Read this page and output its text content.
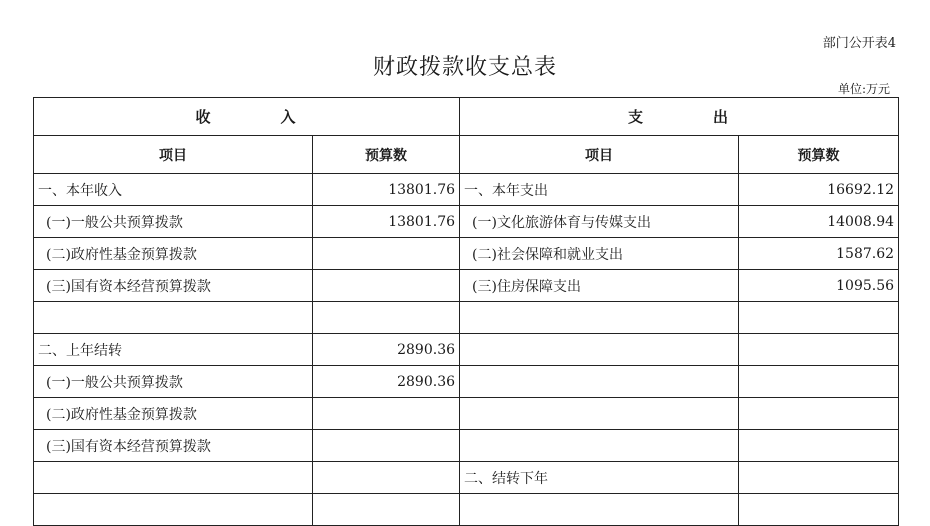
部门公开表4
财政拨款收支总表
单位:万元
收　　　　入		支　　　　出	
项目	预算数	项目	预算数
一、本年收入	13801.76	一、本年支出	16692.12
(一)一般公共预算拨款	13801.76	(一)文化旅游体育与传媒支出	14008.94
(二)政府性基金预算拨款		(二)社会保障和就业支出	1587.62
(三)国有资本经营预算拨款		(三)住房保障支出	1095.56

二、上年结转	2890.36		
(一)一般公共预算拨款	2890.36		
(二)政府性基金预算拨款			
(三)国有资本经营预算拨款			
		二、结转下年	
